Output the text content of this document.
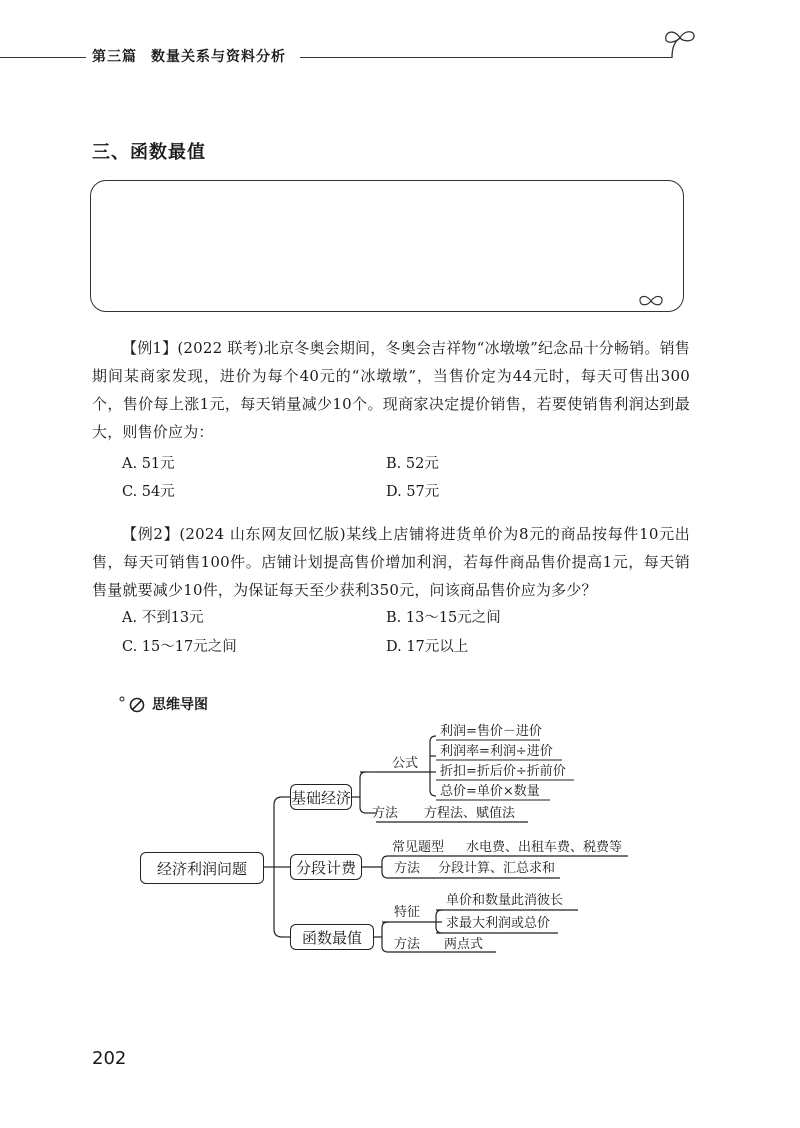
第三篇 数量关系与资料分析
三、函数最值
【例1】(2022 联考)北京冬奥会期间，冬奥会吉祥物“冰墩墩”纪念品十分畅销。销售期间某商家发现，进价为每个40元的“冰墩墩”，当售价定为44元时，每天可售出300个，售价每上涨1元，每天销量减少10个。现商家决定提价销售，若要使销售利润达到最大，则售价应为：
A. 51元	B. 52元
C. 54元	D. 57元
【例2】(2024 山东网友回忆版)某线上店铺将进货单价为8元的商品按每件10元出售，每天可销售100件。店铺计划提高售价增加利润，若每件商品售价提高1元，每天销售量就要减少10件，为保证每天至少获利350元，问该商品售价应为多少？
A. 不到13元	B. 13～15元之间
C. 15～17元之间	D. 17元以上
思维导图
经济利润问题
基础经济
分段计费
函数最值
公式
利润=售价－进价
利润率=利润÷进价
折扣=折后价÷折前价
总价=单价×数量
方法 方程法、赋值法
常见题型 水电费、出租车费、税费等
方法 分段计算、汇总求和
特征
单价和数量此消彼长
求最大利润或总价
方法 两点式
202
